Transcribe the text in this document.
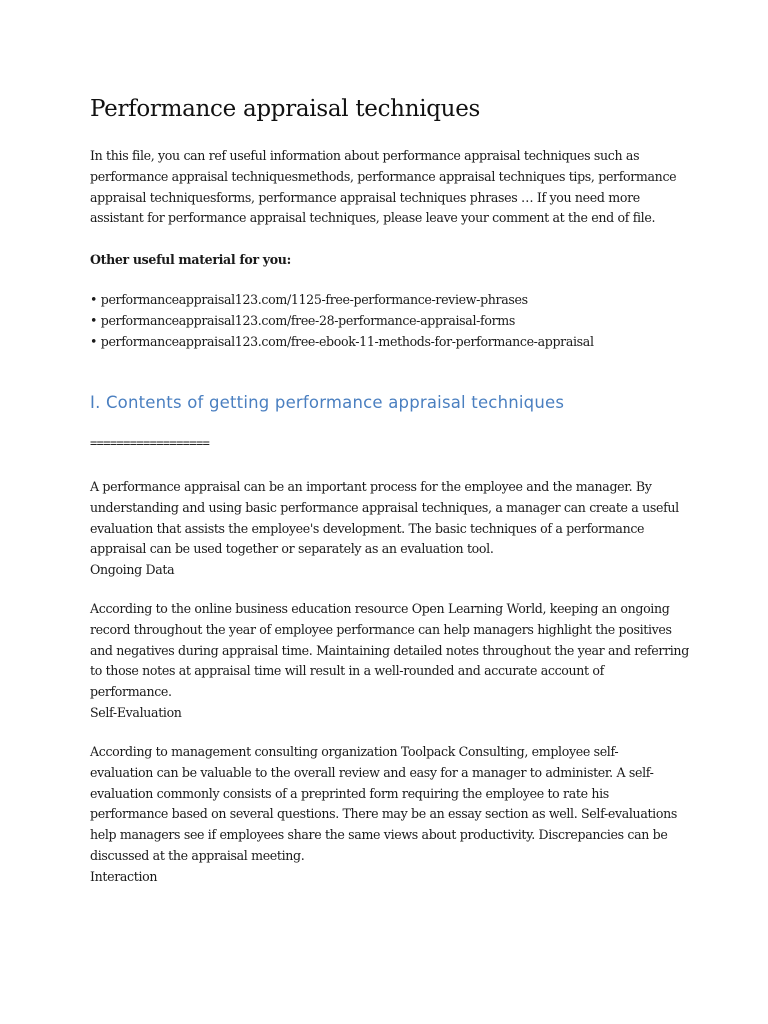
Performance appraisal techniques

In this file, you can ref useful information about performance appraisal techniques such as
performance appraisal techniquesmethods, performance appraisal techniques tips, performance
appraisal techniquesforms, performance appraisal techniques phrases … If you need more
assistant for performance appraisal techniques, please leave your comment at the end of file.

Other useful material for you:

• performanceappraisal123.com/1125-free-performance-review-phrases
• performanceappraisal123.com/free-28-performance-appraisal-forms
• performanceappraisal123.com/free-ebook-11-methods-for-performance-appraisal
I. Contents of getting performance appraisal techniques
==================

A performance appraisal can be an important process for the employee and the manager. By
understanding and using basic performance appraisal techniques, a manager can create a useful
evaluation that assists the employee's development. The basic techniques of a performance
appraisal can be used together or separately as an evaluation tool.
Ongoing Data

According to the online business education resource Open Learning World, keeping an ongoing
record throughout the year of employee performance can help managers highlight the positives
and negatives during appraisal time. Maintaining detailed notes throughout the year and referring
to those notes at appraisal time will result in a well-rounded and accurate account of
performance.
Self-Evaluation

According to management consulting organization Toolpack Consulting, employee self-
evaluation can be valuable to the overall review and easy for a manager to administer. A self-
evaluation commonly consists of a preprinted form requiring the employee to rate his
performance based on several questions. There may be an essay section as well. Self-evaluations
help managers see if employees share the same views about productivity. Discrepancies can be
discussed at the appraisal meeting.
Interaction
